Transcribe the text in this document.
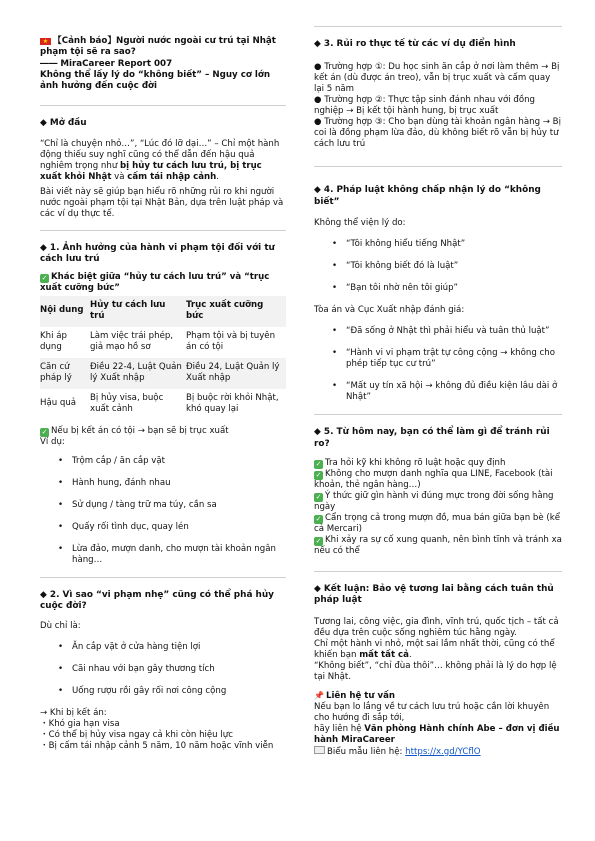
★ 【Cảnh báo】Người nước ngoài cư trú tại Nhật phạm tội sẽ ra sao?
―― MiraCareer Report 007
Không thể lấy lý do “không biết” – Nguy cơ lớn ảnh hưởng đến cuộc đời
◆ Mở đầu

“Chỉ là chuyện nhỏ…”, “Lúc đó lỡ dại…” – Chỉ một hành động thiếu suy nghĩ cũng có thể dẫn đến hậu quả nghiêm trọng như bị hủy tư cách lưu trú, bị trục xuất khỏi Nhật và cấm tái nhập cảnh.

Bài viết này sẽ giúp bạn hiểu rõ những rủi ro khi người nước ngoài phạm tội tại Nhật Bản, dựa trên luật pháp và các ví dụ thực tế.

◆ 1. Ảnh hưởng của hành vi phạm tội đối với tư cách lưu trú
✓ Khác biệt giữa “hủy tư cách lưu trú” và “trục xuất cưỡng bức”
Nội dung	Hủy tư cách lưu trú	Trục xuất cưỡng bức
Khi áp dụng	Làm việc trái phép, giả mạo hồ sơ	Phạm tội và bị tuyên án có tội
Căn cứ pháp lý	Điều 22-4, Luật Quản lý Xuất nhập	Điều 24, Luật Quản lý Xuất nhập
Hậu quả	Bị hủy visa, buộc xuất cảnh	Bị buộc rời khỏi Nhật, khó quay lại
✓ Nếu bị kết án có tội → bạn sẽ bị trục xuất
Ví dụ:
• Trộm cắp / ăn cắp vặt
• Hành hung, đánh nhau
• Sử dụng / tàng trữ ma túy, cần sa
• Quấy rối tình dục, quay lén
• Lừa đảo, mượn danh, cho mượn tài khoản ngân hàng…
◆ 2. Vì sao “vi phạm nhẹ” cũng có thể phá hủy cuộc đời?

Dù chỉ là:

• Ăn cắp vặt ở cửa hàng tiện lợi
• Cãi nhau với bạn gây thương tích
• Uống rượu rồi gây rối nơi công cộng
→ Khi bị kết án:
・Khó gia hạn visa
・Có thể bị hủy visa ngay cả khi còn hiệu lực
・Bị cấm tái nhập cảnh 5 năm, 10 năm hoặc vĩnh viễn
◆ 3. Rủi ro thực tế từ các ví dụ điển hình
● Trường hợp ①: Du học sinh ăn cắp ở nơi làm thêm → Bị kết án (dù được án treo), vẫn bị trục xuất và cấm quay lại 5 năm
● Trường hợp ②: Thực tập sinh đánh nhau với đồng nghiệp → Bị kết tội hành hung, bị trục xuất
● Trường hợp ③: Cho bạn dùng tài khoản ngân hàng → Bị coi là đồng phạm lừa đảo, dù không biết rõ vẫn bị hủy tư cách lưu trú
◆ 4. Pháp luật không chấp nhận lý do “không biết”

Không thể viện lý do:

• “Tôi không hiểu tiếng Nhật”
• “Tôi không biết đó là luật”
• “Bạn tôi nhờ nên tôi giúp”

Tòa án và Cục Xuất nhập đánh giá:

• “Đã sống ở Nhật thì phải hiểu và tuân thủ luật”
• “Hành vi vi phạm trật tự công cộng → không cho phép tiếp tục cư trú”
• “Mất uy tín xã hội → không đủ điều kiện lâu dài ở Nhật”
◆ 5. Từ hôm nay, bạn có thể làm gì để tránh rủi ro?
✓ Tra hỏi kỹ khi không rõ luật hoặc quy định
✓ Không cho mượn danh nghĩa qua LINE, Facebook (tài khoản, thẻ ngân hàng…)
✓ Ý thức giữ gìn hành vi đúng mực trong đời sống hằng ngày
✓ Cẩn trọng cả trong mượn đồ, mua bán giữa bạn bè (kể cả Mercari)
✓ Khi xảy ra sự cố xung quanh, nên bình tĩnh và tránh xa nếu có thể
◆ Kết luận: Bảo vệ tương lai bằng cách tuân thủ pháp luật
Tương lai, công việc, gia đình, vĩnh trú, quốc tịch – tất cả đều dựa trên cuộc sống nghiêm túc hằng ngày.
Chỉ một hành vi nhỏ, một sai lầm nhất thời, cũng có thể khiến bạn mất tất cả.
“Không biết”, “chỉ đùa thôi”… không phải là lý do hợp lệ tại Nhật.
📌 Liên hệ tư vấn
Nếu bạn lo lắng về tư cách lưu trú hoặc cần lời khuyên cho hướng đi sắp tới,
hãy liên hệ Văn phòng Hành chính Abe – đơn vị điều hành MiraCareer
Biểu mẫu liên hệ: https://x.gd/YCflO
